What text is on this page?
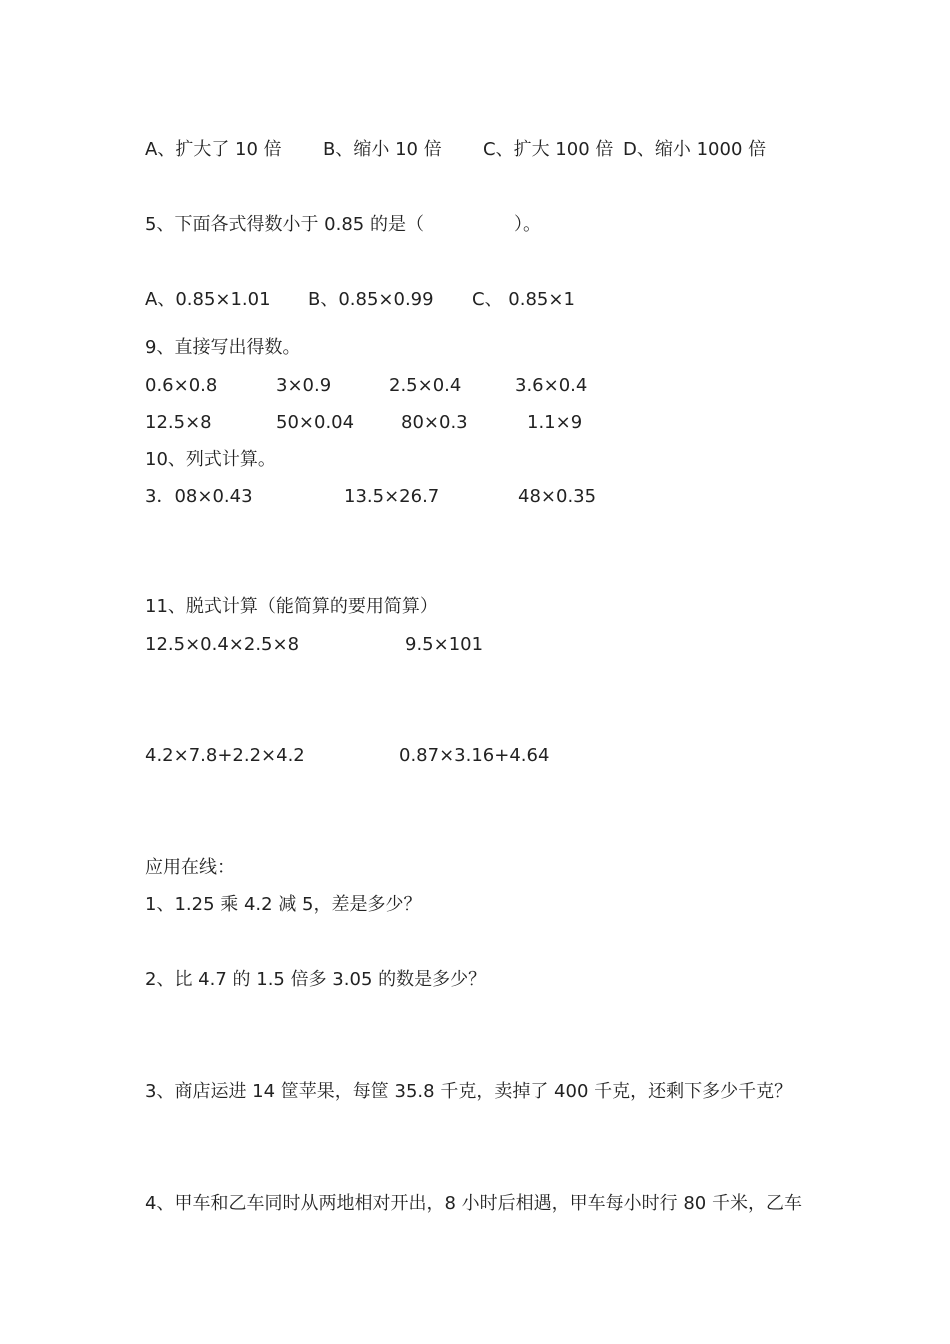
A、扩大了 10 倍 B、缩小 10 倍 C、扩大 100 倍 D、缩小 1000 倍
5、下面各式得数小于 0.85 的是（　　　　　）。
A、0.85×1.01 B、0.85×0.99 C、 0.85×1
9、直接写出得数。
0.6×0.8	3×0.9	2.5×0.4	3.6×0.4
12.5×8	50×0.04	80×0.3	1.1×9
10、列式计算。
3．08×0.43	13.5×26.7	48×0.35
11、脱式计算（能简算的要用简算）
12.5×0.4×2.5×8	9.5×101
4.2×7.8+2.2×4.2	0.87×3.16+4.64
应用在线：
1、1.25 乘 4.2 减 5，差是多少？
2、比 4.7 的 1.5 倍多 3.05 的数是多少？
3、商店运进 14 筐苹果，每筐 35.8 千克，卖掉了 400 千克，还剩下多少千克？
4、甲车和乙车同时从两地相对开出，8 小时后相遇，甲车每小时行 80 千米，乙车
